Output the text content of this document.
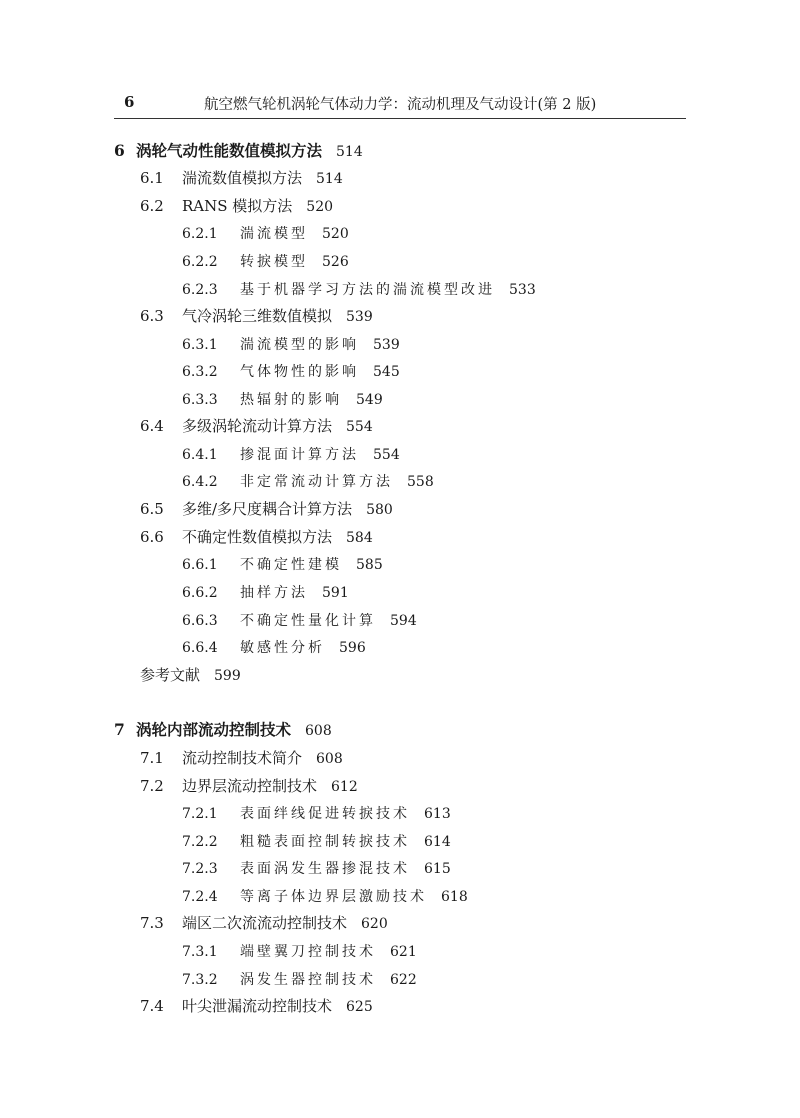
6	航空燃气轮机涡轮气体动力学：流动机理及气动设计(第 2 版)
6 涡轮气动性能数值模拟方法 514
6.1 湍流数值模拟方法 514
6.2 RANS 模拟方法 520
6.2.1 湍流模型 520
6.2.2 转捩模型 526
6.2.3 基于机器学习方法的湍流模型改进 533
6.3 气冷涡轮三维数值模拟 539
6.3.1 湍流模型的影响 539
6.3.2 气体物性的影响 545
6.3.3 热辐射的影响 549
6.4 多级涡轮流动计算方法 554
6.4.1 掺混面计算方法 554
6.4.2 非定常流动计算方法 558
6.5 多维/多尺度耦合计算方法 580
6.6 不确定性数值模拟方法 584
6.6.1 不确定性建模 585
6.6.2 抽样方法 591
6.6.3 不确定性量化计算 594
6.6.4 敏感性分析 596
参考文献 599
7 涡轮内部流动控制技术 608
7.1 流动控制技术简介 608
7.2 边界层流动控制技术 612
7.2.1 表面绊线促进转捩技术 613
7.2.2 粗糙表面控制转捩技术 614
7.2.3 表面涡发生器掺混技术 615
7.2.4 等离子体边界层激励技术 618
7.3 端区二次流流动控制技术 620
7.3.1 端壁翼刀控制技术 621
7.3.2 涡发生器控制技术 622
7.4 叶尖泄漏流动控制技术 625
